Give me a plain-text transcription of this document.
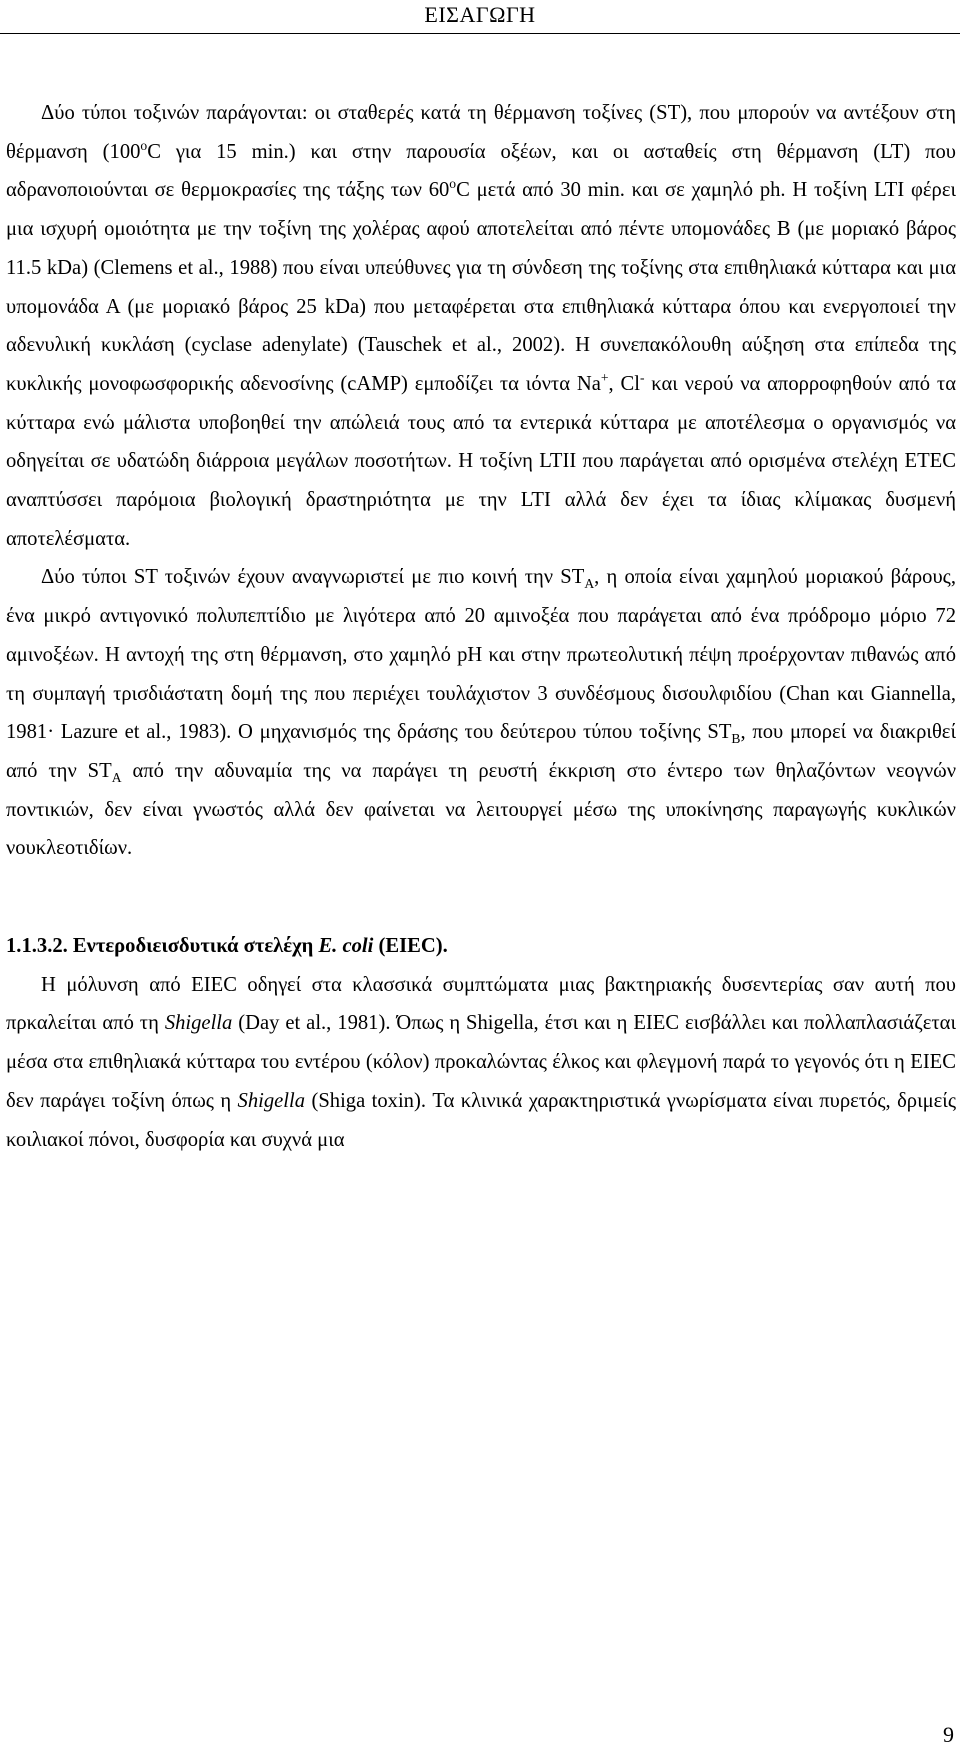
ΕΙΣΑΓΩΓΗ

Δύο τύποι τοξινών παράγονται: οι σταθερές κατά τη θέρμανση τοξίνες (ST), που μπορούν να αντέξουν στη θέρμανση ($100^oC$ για 15 min.) και στην παρουσία οξέων, και οι ασταθείς στη θέρμανση (LT) που αδρανοποιούνται σε θερμοκρασίες της τάξης των $60^oC$ μετά από 30 min. και σε χαμηλό ph. Η τοξίνη LTI φέρει μια ισχυρή ομοιότητα με την τοξίνη της χολέρας αφού αποτελείται από πέντε υπομονάδες Β (με μοριακό βάρος 11.5 kDa) (Clemens et al., 1988) που είναι υπεύθυνες για τη σύνδεση της τοξίνης στα επιθηλιακά κύτταρα και μια υπομονάδα Α (με μοριακό βάρος 25 kDa) που μεταφέρεται στα επιθηλιακά κύτταρα όπου και ενεργοποιεί την αδενυλική κυκλάση (cyclase adenylate) (Tauschek et al., 2002). Η συνεπακόλουθη αύξηση στα επίπεδα της κυκλικής μονοφωσφορικής αδενοσίνης (cAMP) εμποδίζει τα ιόντα Na+, Cl- και νερού να απορροφηθούν από τα κύτταρα ενώ μάλιστα υποβοηθεί την απώλειά τους από τα εντερικά κύτταρα με αποτέλεσμα ο οργανισμός να οδηγείται σε υδατώδη διάρροια μεγάλων ποσοτήτων. Η τοξίνη LTII που παράγεται από ορισμένα στελέχη ETEC αναπτύσσει παρόμοια βιολογική δραστηριότητα με την LTI αλλά δεν έχει τα ίδιας κλίμακας δυσμενή αποτελέσματα.

Δύο τύποι ST τοξινών έχουν αναγνωριστεί με πιο κοινή την $ST_A$, η οποία είναι χαμηλού μοριακού βάρους, ένα μικρό αντιγονικό πολυπεπτίδιο με λιγότερα από 20 αμινοξέα που παράγεται από ένα πρόδρομο μόριο 72 αμινοξέων. Η αντοχή της στη θέρμανση, στο χαμηλό pH και στην πρωτεολυτική πέψη προέρχονταν πιθανώς από τη συμπαγή τρισδιάστατη δομή της που περιέχει τουλάχιστον 3 συνδέσμους δισουλφιδίου (Chan και Giannella, 1981· Lazure et al., 1983). Ο μηχανισμός της δράσης του δεύτερου τύπου τοξίνης $ST_B$, που μπορεί να διακριθεί από την $ST_A$ από την αδυναμία της να παράγει τη ρευστή έκκριση στο έντερο των θηλαζόντων νεογνών ποντικιών, δεν είναι γνωστός αλλά δεν φαίνεται να λειτουργεί μέσω της υποκίνησης παραγωγής κυκλικών νουκλεοτιδίων.

1.1.3.2. Εντεροδιεισδυτικά στελέχη E. coli (EIEC).

Η μόλυνση από EIEC οδηγεί στα κλασσικά συμπτώματα μιας βακτηριακής δυσεντερίας σαν αυτή που πρκαλείται από τη Shigella (Day et al., 1981). Όπως η Shigella, έτσι και η EIEC εισβάλλει και πολλαπλασιάζεται μέσα στα επιθηλιακά κύτταρα του εντέρου (κόλον) προκαλώντας έλκος και φλεγμονή παρά το γεγονός ότι η EIEC δεν παράγει τοξίνη όπως η Shigella (Shiga toxin). Τα κλινικά χαρακτηριστικά γνωρίσματα είναι πυρετός, δριμείς κοιλιακοί πόνοι, δυσφορία και συχνά μια

9
